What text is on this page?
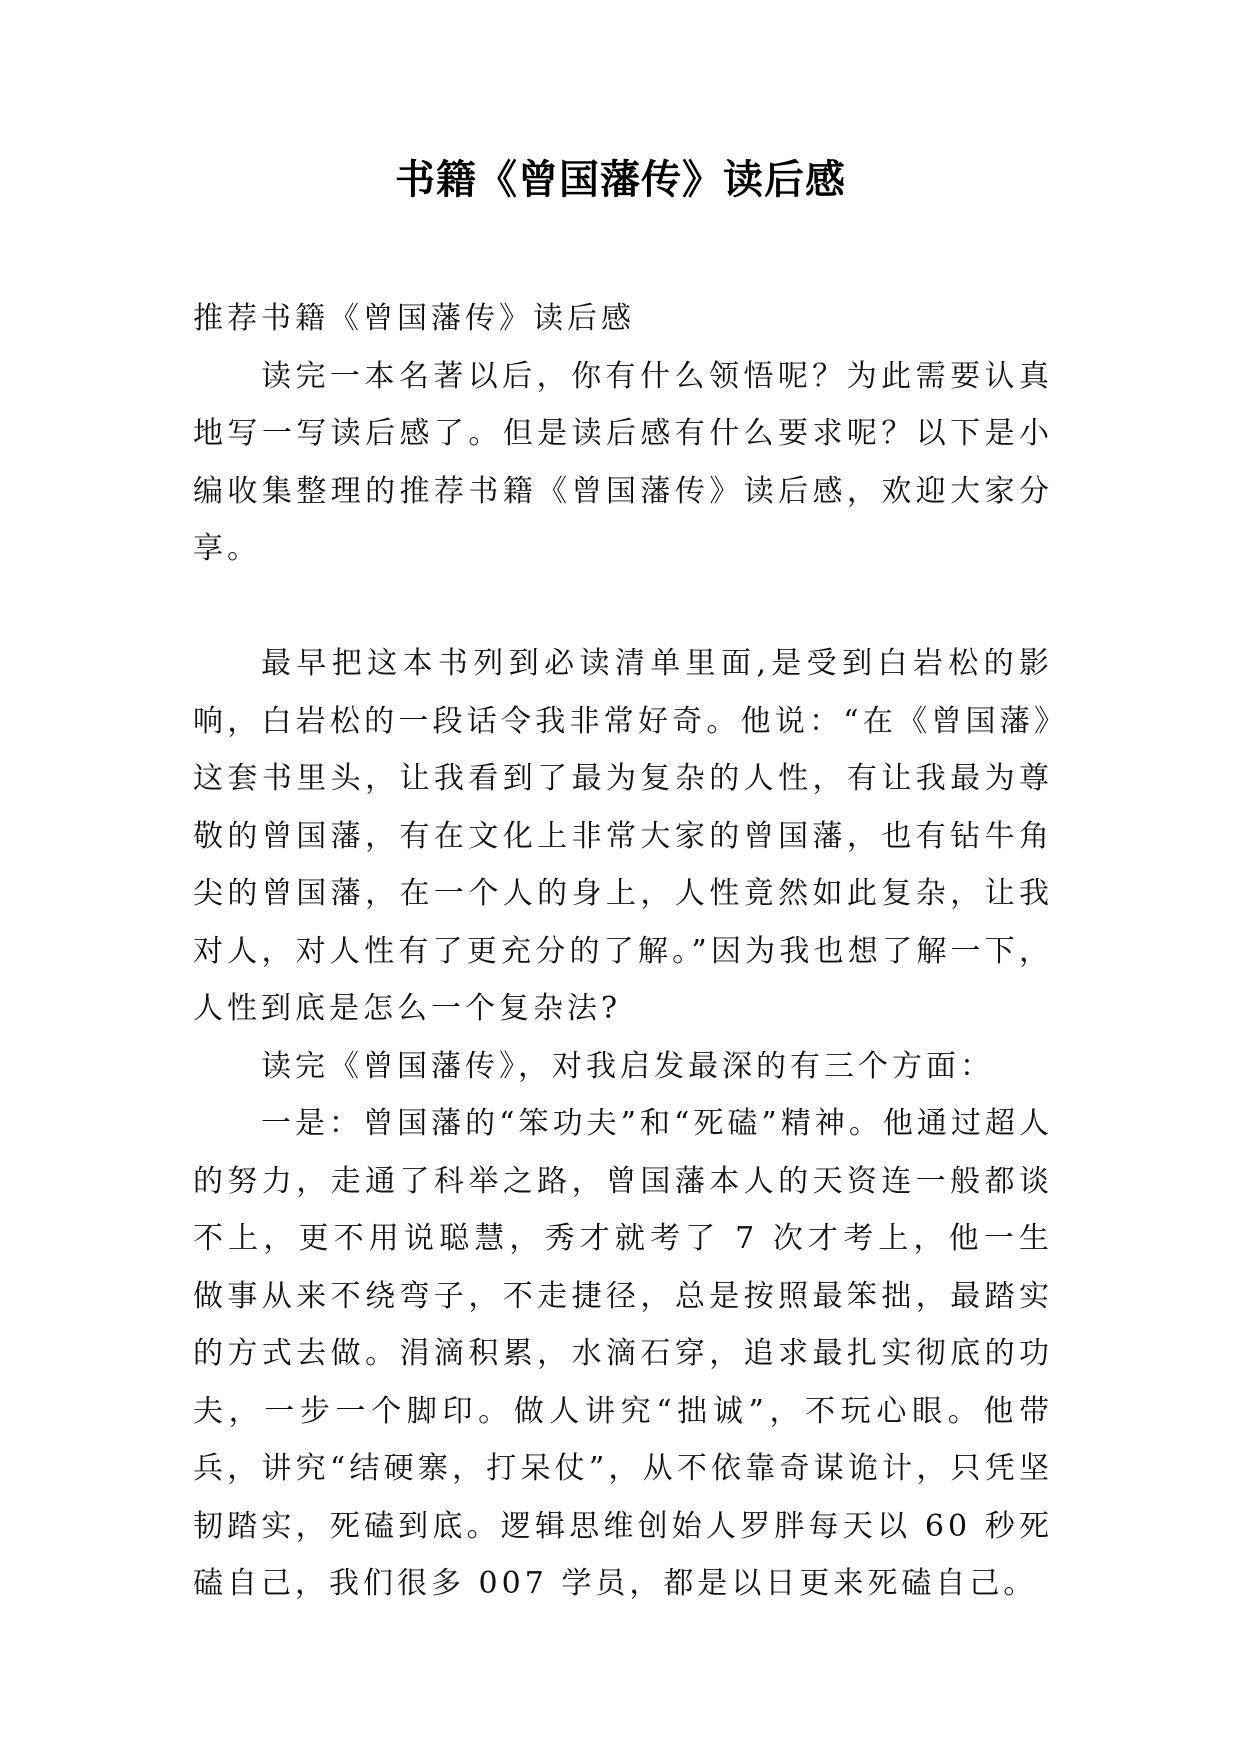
书籍《曾国藩传》读后感

推荐书籍《曾国藩传》读后感

读完一本名著以后，你有什么领悟呢？为此需要认真地写一写读后感了。但是读后感有什么要求呢？以下是小编收集整理的推荐书籍《曾国藩传》读后感，欢迎大家分享。

最早把这本书列到必读清单里面,是受到白岩松的影响，白岩松的一段话令我非常好奇。他说：“在《曾国藩》这套书里头，让我看到了最为复杂的人性，有让我最为尊敬的曾国藩，有在文化上非常大家的曾国藩，也有钻牛角尖的曾国藩，在一个人的身上，人性竟然如此复杂，让我对人，对人性有了更充分的了解。”因为我也想了解一下，人性到底是怎么一个复杂法?

读完《曾国藩传》，对我启发最深的有三个方面：

一是：曾国藩的“笨功夫”和“死磕”精神。他通过超人的努力，走通了科举之路，曾国藩本人的天资连一般都谈不上，更不用说聪慧，秀才就考了 7 次才考上，他一生做事从来不绕弯子，不走捷径，总是按照最笨拙，最踏实的方式去做。涓滴积累，水滴石穿，追求最扎实彻底的功夫，一步一个脚印。做人讲究“拙诚”，不玩心眼。他带兵，讲究“结硬寨，打呆仗”，从不依靠奇谋诡计，只凭坚韧踏实，死磕到底。逻辑思维创始人罗胖每天以 60 秒死磕自己，我们很多 007 学员，都是以日更来死磕自己。
